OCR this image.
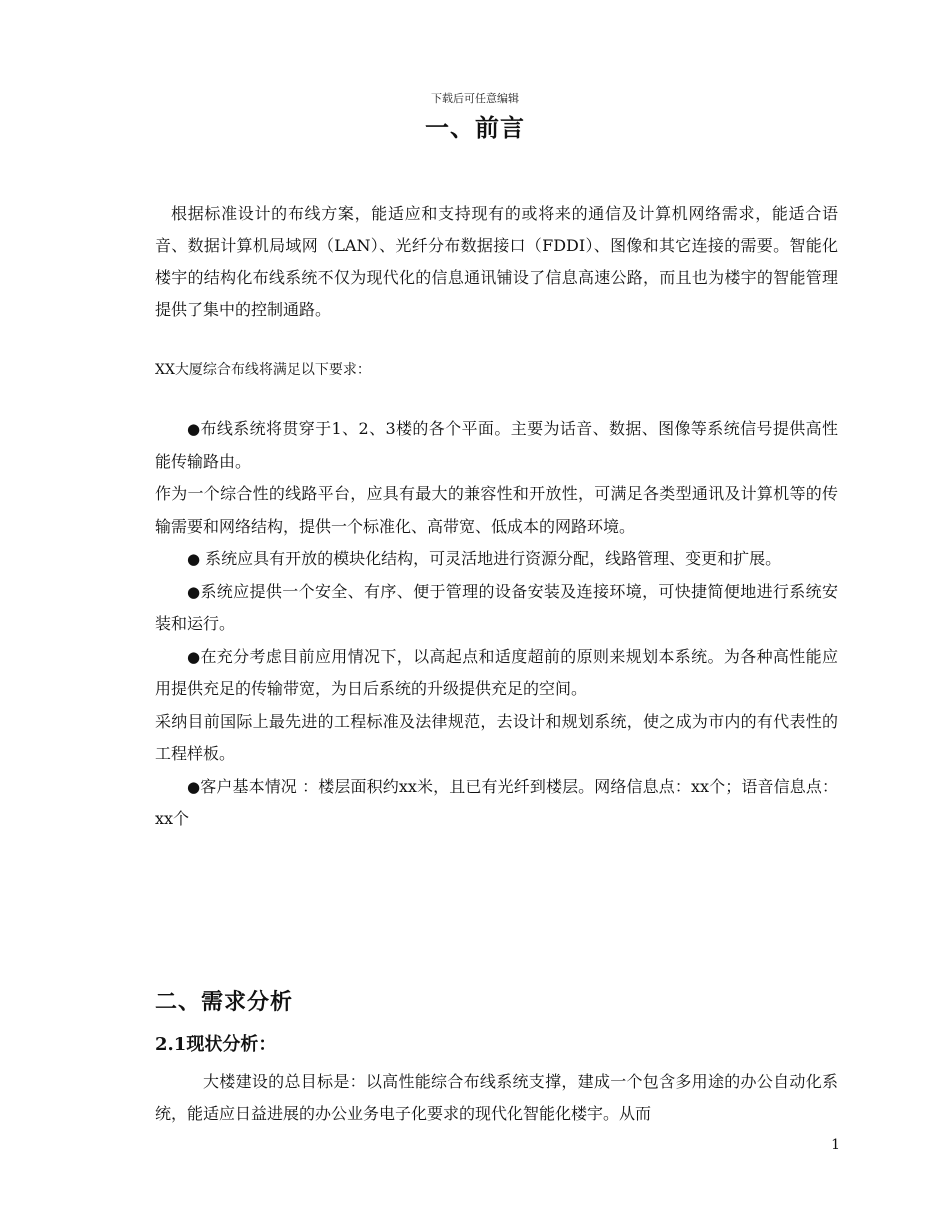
下载后可任意编辑
一、前言
根据标准设计的布线方案，能适应和支持现有的或将来的通信及计算机网络需求，能适合语音、数据计算机局域网（LAN）、光纤分布数据接口（FDDI）、图像和其它连接的需要。智能化楼宇的结构化布线系统不仅为现代化的信息通讯铺设了信息高速公路，而且也为楼宇的智能管理提供了集中的控制通路。
XX大厦综合布线将满足以下要求：

●布线系统将贯穿于1、2、3楼的各个平面。主要为话音、数据、图像等系统信号提供高性能传输路由。

作为一个综合性的线路平台，应具有最大的兼容性和开放性，可满足各类型通讯及计算机等的传输需要和网络结构，提供一个标准化、高带宽、低成本的网路环境。

● 系统应具有开放的模块化结构，可灵活地进行资源分配，线路管理、变更和扩展。

●系统应提供一个安全、有序、便于管理的设备安装及连接环境，可快捷简便地进行系统安装和运行。

●在充分考虑目前应用情况下，以高起点和适度超前的原则来规划本系统。为各种高性能应用提供充足的传输带宽，为日后系统的升级提供充足的空间。

采纳目前国际上最先进的工程标准及法律规范，去设计和规划系统，使之成为市内的有代表性的工程样板。

●客户基本情况 ：楼层面积约xx米，且已有光纤到楼层。网络信息点：xx个；语音信息点：xx个

二、需求分析
2.1现状分析：
大楼建设的总目标是：以高性能综合布线系统支撑，建成一个包含多用途的办公自动化系统，能适应日益进展的办公业务电子化要求的现代化智能化楼宇。从而
1
